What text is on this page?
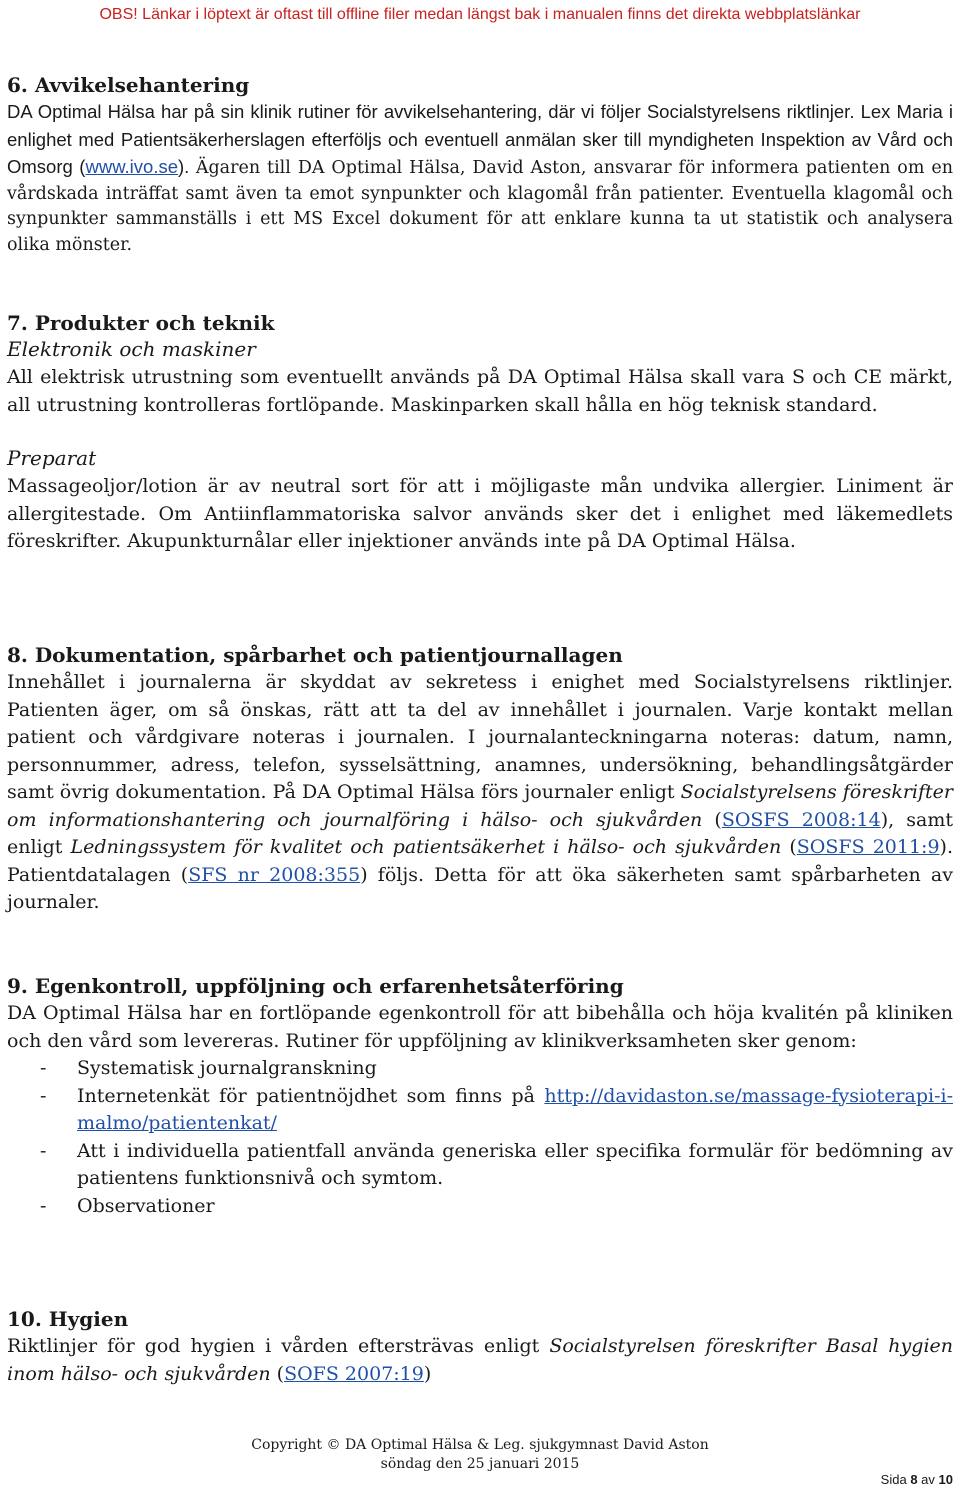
OBS! Länkar i löptext är oftast till offline filer medan längst bak i manualen finns det direkta webbplatslänkar
6. Avvikelsehantering

DA Optimal Hälsa har på sin klinik rutiner för avvikelsehantering, där vi följer Socialstyrelsens riktlinjer. Lex Maria i enlighet med Patientsäkerherslagen efterföljs och eventuell anmälan sker till myndigheten Inspektion av Vård och Omsorg (www.ivo.se). Ägaren till DA Optimal Hälsa, David Aston, ansvarar för informera patienten om en vårdskada inträffat samt även ta emot synpunkter och klagomål från patienter. Eventuella klagomål och synpunkter sammanställs i ett MS Excel dokument för att enklare kunna ta ut statistik och analysera olika mönster.

7. Produkter och teknik
Elektronik och maskiner

All elektrisk utrustning som eventuellt används på DA Optimal Hälsa skall vara S och CE märkt, all utrustning kontrolleras fortlöpande. Maskinparken skall hålla en hög teknisk standard.

Preparat

Massageoljor/lotion är av neutral sort för att i möjligaste mån undvika allergier. Liniment är allergitestade. Om Antiinflammatoriska salvor används sker det i enlighet med läkemedlets föreskrifter. Akupunkturnålar eller injektioner används inte på DA Optimal Hälsa.

8. Dokumentation, spårbarhet och patientjournallagen

Innehållet i journalerna är skyddat av sekretess i enighet med Socialstyrelsens riktlinjer. Patienten äger, om så önskas, rätt att ta del av innehållet i journalen. Varje kontakt mellan patient och vårdgivare noteras i journalen. I journalanteckningarna noteras: datum, namn, personnummer, adress, telefon, sysselsättning, anamnes, undersökning, behandlingsåtgärder samt övrig dokumentation. På DA Optimal Hälsa förs journaler enligt Socialstyrelsens föreskrifter om informationshantering och journalföring i hälso- och sjukvården (SOSFS 2008:14), samt enligt Ledningssystem för kvalitet och patientsäkerhet i hälso- och sjukvården (SOSFS 2011:9). Patientdatalagen (SFS nr 2008:355) följs. Detta för att öka säkerheten samt spårbarheten av journaler.

9. Egenkontroll, uppföljning och erfarenhetsåterföring

DA Optimal Hälsa har en fortlöpande egenkontroll för att bibehålla och höja kvalitén på kliniken och den vård som levereras. Rutiner för uppföljning av klinikverksamheten sker genom:

- Systematisk journalgranskning
- Internetenkät för patientnöjdhet som finns på http://davidaston.se/massage-fysioterapi-i-malmo/patientenkat/
- Att i individuella patientfall använda generiska eller specifika formulär för bedömning av patientens funktionsnivå och symtom.
- Observationer
10. Hygien

Riktlinjer för god hygien i vården eftersträvas enligt Socialstyrelsen föreskrifter Basal hygien inom hälso- och sjukvården (SOFS 2007:19)

Copyright © DA Optimal Hälsa & Leg. sjukgymnast David Aston
söndag den 25 januari 2015
Sida 8 av 10
